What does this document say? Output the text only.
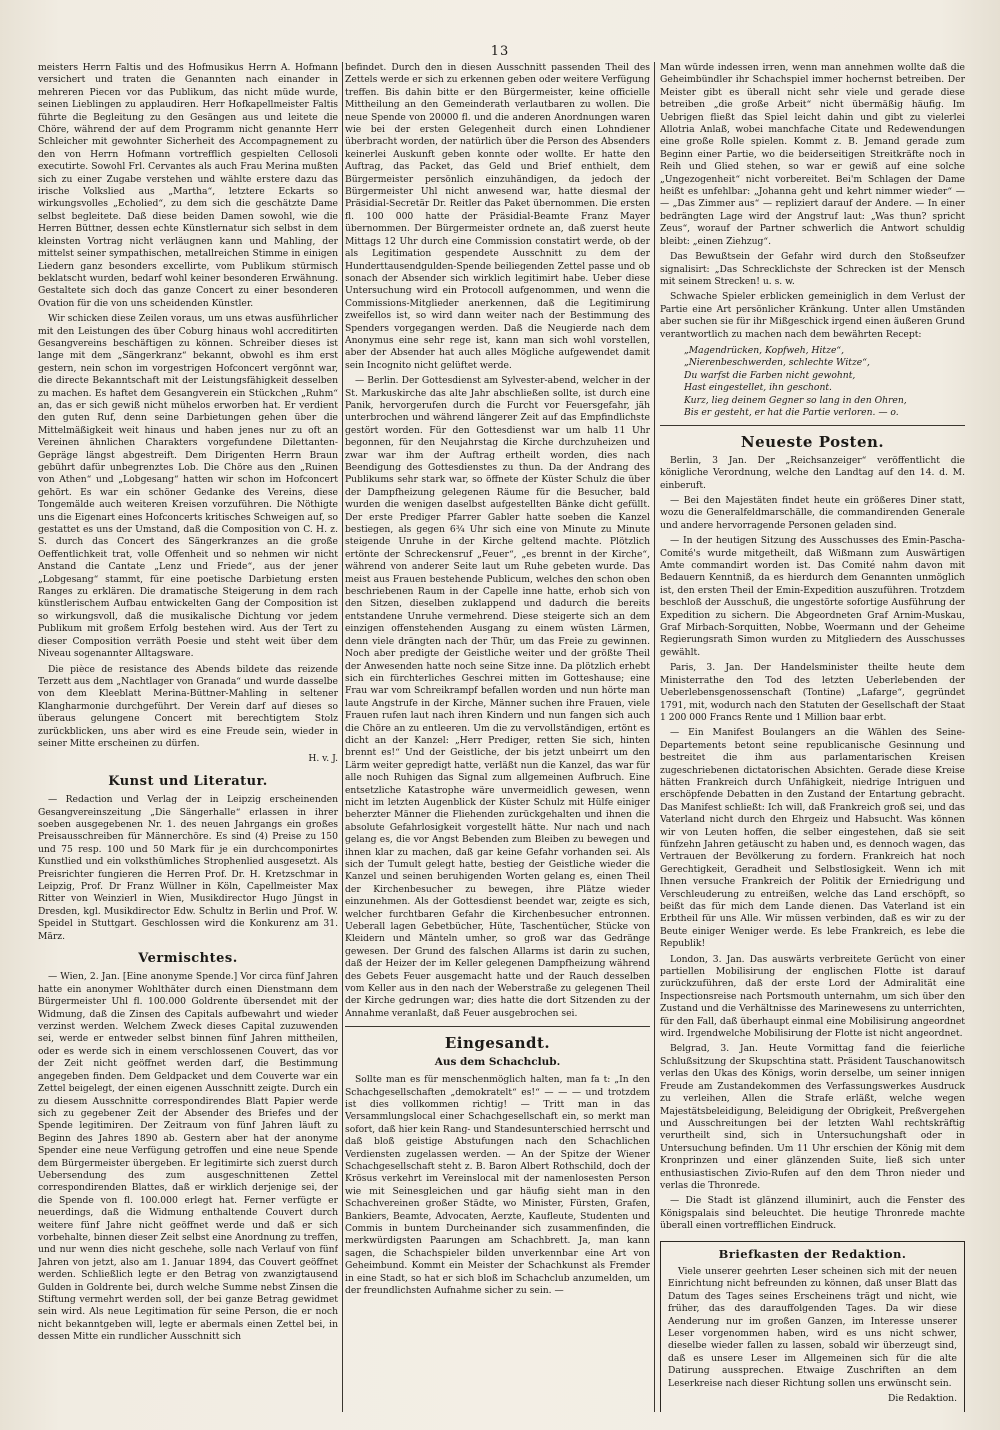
13

meisters Herrn Faltis und des Hofmusikus Herrn A. Hofmann versichert und traten die Genannten nach einander in mehreren Piecen vor das Publikum, das nicht müde wurde, seinen Lieblingen zu applaudiren. Herr Hofkapellmeister Faltis führte die Begleitung zu den Gesängen aus und leitete die Chöre, während der auf dem Programm nicht genannte Herr Schleicher mit gewohnter Sicherheit des Accompagnement zu den von Herrn Hofmann vortrefflich gespielten Cellosoli executirte. Sowohl Frl. Cervantes als auch Frau Merina mußten sich zu einer Zugabe verstehen und wählte erstere dazu das irische Volkslied aus „Martha“, letztere Eckarts so wirkungsvolles „Echolied“, zu dem sich die geschätzte Dame selbst begleitete. Daß diese beiden Damen sowohl, wie die Herren Büttner, dessen echte Künstlernatur sich selbst in dem kleinsten Vortrag nicht verläugnen kann und Mahling, der mittelst seiner sympathischen, metallreichen Stimme in einigen Liedern ganz besonders excellirte, vom Publikum stürmisch beklatscht wurden, bedarf wohl keiner besonderen Erwähnung. Gestaltete sich doch das ganze Concert zu einer besonderen Ovation für die von uns scheidenden Künstler.

Wir schicken diese Zeilen voraus, um uns etwas ausführlicher mit den Leistungen des über Coburg hinaus wohl accreditirten Gesangvereins beschäftigen zu können. Schreiber dieses ist lange mit dem „Sängerkranz“ bekannt, obwohl es ihm erst gestern, nein schon im vorgestrigen Hofconcert vergönnt war, die directe Bekanntschaft mit der Leistungsfähigkeit desselben zu machen. Es haftet dem Gesangverein ein Stückchen „Ruhm“ an, das er sich gewiß nicht mühelos erworben hat. Er verdient den guten Ruf, denn seine Darbietungen gehen über die Mittelmäßigkeit weit hinaus und haben jenes nur zu oft an Vereinen ähnlichen Charakters vorgefundene Dilettanten-Gepräge längst abgestreift. Dem Dirigenten Herrn Braun gebührt dafür unbegrenztes Lob. Die Chöre aus den „Ruinen von Athen“ und „Lobgesang“ hatten wir schon im Hofconcert gehört. Es war ein schöner Gedanke des Vereins, diese Tongemälde auch weiteren Kreisen vorzuführen. Die Nöthigte uns die Eigenart eines Hofconcerts kritisches Schweigen auf, so gestattet es uns der Umstand, daß die Composition von C. H. z. S. durch das Concert des Sängerkranzes an die große Oeffentlichkeit trat, volle Offenheit und so nehmen wir nicht Anstand die Cantate „Lenz und Friede“, aus der jener „Lobgesang“ stammt, für eine poetische Darbietung ersten Ranges zu erklären. Die dramatische Steigerung in dem rach künstlerischem Aufbau entwickelten Gang der Composition ist so wirkungsvoll, daß die musikalische Dichtung vor jedem Publikum mit großem Erfolg bestehen wird. Aus der Tert zu dieser Composition verräth Poesie und steht weit über dem Niveau sogenannter Alltagsware.

Die pièce de resistance des Abends bildete das reizende Terzett aus dem „Nachtlager von Granada“ und wurde dasselbe von dem Kleeblatt Merina-Büttner-Mahling in seltener Klangharmonie durchgeführt. Der Verein darf auf dieses so überaus gelungene Concert mit berechtigtem Stolz zurückblicken, uns aber wird es eine Freude sein, wieder in seiner Mitte erscheinen zu dürfen.

H. v. J.

Kunst und Literatur.

— Redaction und Verlag der in Leipzig erscheinenden Gesangvereinszeitung „Die Sängerhalle“ erlassen in ihrer soeben ausgegebenen Nr. 1. des neuen Jahrgangs ein großes Preisausschreiben für Männerchöre. Es sind (4) Preise zu 150 und 75 resp. 100 und 50 Mark für je ein durchcomponirtes Kunstlied und ein volksthümliches Strophenlied ausgesetzt. Als Preisrichter fungieren die Herren Prof. Dr. H. Kretzschmar in Leipzig, Prof. Dr Franz Wüllner in Köln, Capellmeister Max Ritter von Weinzierl in Wien, Musikdirector Hugo Jüngst in Dresden, kgl. Musikdirector Edw. Schultz in Berlin und Prof. W. Speidel in Stuttgart. Geschlossen wird die Konkurenz am 31. März.

Vermischtes.

— Wien, 2. Jan. [Eine anonyme Spende.] Vor circa fünf Jahren hatte ein anonymer Wohlthäter durch einen Dienstmann dem Bürgermeister Uhl fl. 100.000 Goldrente übersendet mit der Widmung, daß die Zinsen des Capitals aufbewahrt und wieder verzinst werden. Welchem Zweck dieses Capital zuzuwenden sei, werde er entweder selbst binnen fünf Jahren mittheilen, oder es werde sich in einem verschlossenen Couvert, das vor der Zeit nicht geöffnet werden darf, die Bestimmung angegeben finden. Dem Geldpacket und dem Couverte war ein Zettel beigelegt, der einen eigenen Ausschnitt zeigte. Durch ein zu diesem Ausschnitte correspondirendes Blatt Papier werde sich zu gegebener Zeit der Absender des Briefes und der Spende legitimiren. Der Zeitraum von fünf Jahren läuft zu Beginn des Jahres 1890 ab. Gestern aber hat der anonyme Spender eine neue Verfügung getroffen und eine neue Spende dem Bürgermeister übergeben. Er legitimirte sich zuerst durch Uebersendung des zum ausgeschnittenen Zettel correspondirenden Blattes, daß er wirklich derjenige sei, der die Spende von fl. 100.000 erlegt hat. Ferner verfügte er neuerdings, daß die Widmung enthaltende Couvert durch weitere fünf Jahre nicht geöffnet werde und daß er sich vorbehalte, binnen dieser Zeit selbst eine Anordnung zu treffen, und nur wenn dies nicht geschehe, solle nach Verlauf von fünf Jahren von jetzt, also am 1. Januar 1894, das Couvert geöffnet werden. Schließlich legte er den Betrag von zwanzigtausend Gulden in Goldrente bei, durch welche Summe nebst Zinsen die Stiftung vermehrt werden soll, der bei ganze Betrag gewidmet sein wird. Als neue Legitimation für seine Person, die er noch nicht bekanntgeben will, legte er abermals einen Zettel bei, in dessen Mitte ein rundlicher Ausschnitt sich

befindet. Durch den in diesen Ausschnitt passenden Theil des Zettels werde er sich zu erkennen geben oder weitere Verfügung treffen. Bis dahin bitte er den Bürgermeister, keine officielle Mittheilung an den Gemeinderath verlautbaren zu wollen. Die neue Spende von 20000 fl. und die anderen Anordnungen waren wie bei der ersten Gelegenheit durch einen Lohndiener überbracht worden, der natürlich über die Person des Absenders keinerlei Auskunft geben konnte oder wollte. Er hatte den Auftrag, das Packet, das Geld und Brief enthielt, dem Bürgermeister persönlich einzuhändigen, da jedoch der Bürgermeister Uhl nicht anwesend war, hatte diesmal der Präsidial-Secretär Dr. Reitler das Paket übernommen. Die ersten fl. 100 000 hatte der Präsidial-Beamte Franz Mayer übernommen. Der Bürgermeister ordnete an, daß zuerst heute Mittags 12 Uhr durch eine Commission constatirt werde, ob der als Legitimation gespendete Ausschnitt zu dem der Hunderttausendgulden-Spende beiliegenden Zettel passe und ob sonach der Absender sich wirklich legitimirt habe. Ueber diese Untersuchung wird ein Protocoll aufgenommen, und wenn die Commissions-Mitglieder anerkennen, daß die Legitimirung zweifellos ist, so wird dann weiter nach der Bestimmung des Spenders vorgegangen werden. Daß die Neugierde nach dem Anonymus eine sehr rege ist, kann man sich wohl vorstellen, aber der Absender hat auch alles Mögliche aufgewendet damit sein Incognito nicht gelüftet werde.

— Berlin. Der Gottesdienst am Sylvester-abend, welcher in der St. Markuskirche das alte Jahr abschließen sollte, ist durch eine Panik, hervorgerufen durch die Furcht vor Feuersgefahr, jäh unterbrochen und während längerer Zeit auf das Empfindlichste gestört worden. Für den Gottesdienst war um halb 11 Uhr begonnen, für den Neujahrstag die Kirche durchzuheizen und zwar war ihm der Auftrag ertheilt worden, dies nach Beendigung des Gottesdienstes zu thun. Da der Andrang des Publikums sehr stark war, so öffnete der Küster Schulz die über der Dampfheizung gelegenen Räume für die Besucher, bald wurden die wenigen daselbst aufgestellten Bänke dicht gefüllt. Der erste Prediger Pfarrer Gabler hatte soeben die Kanzel bestiegen, als gegen 6¾ Uhr sich eine von Minute zu Minute steigende Unruhe in der Kirche geltend machte. Plötzlich ertönte der Schreckensruf „Feuer“, „es brennt in der Kirche“, während von anderer Seite laut um Ruhe gebeten wurde. Das meist aus Frauen bestehende Publicum, welches den schon oben beschriebenen Raum in der Capelle inne hatte, erhob sich von den Sitzen, dieselben zuklappend und dadurch die bereits entstandene Unruhe vermehrend. Diese steigerte sich an dem einzigen offenstehenden Ausgang zu einem wüsten Lärmen, denn viele drängten nach der Thür, um das Freie zu gewinnen. Noch aber predigte der Geistliche weiter und der größte Theil der Anwesenden hatte noch seine Sitze inne. Da plötzlich erhebt sich ein fürchterliches Geschrei mitten im Gotteshause; eine Frau war vom Schreikrampf befallen worden und nun hörte man laute Angstrufe in der Kirche, Männer suchen ihre Frauen, viele Frauen rufen laut nach ihren Kindern und nun fangen sich auch die Chöre an zu entleeren. Um die zu vervollständigen, ertönt es dicht an der Kanzel: „Herr Prediger, retten Sie sich, hinten brennt es!“ Und der Geistliche, der bis jetzt unbeirrt um den Lärm weiter gepredigt hatte, verläßt nun die Kanzel, das war für alle noch Ruhigen das Signal zum allgemeinen Aufbruch. Eine entsetzliche Katastrophe wäre unvermeidlich gewesen, wenn nicht im letzten Augenblick der Küster Schulz mit Hülfe einiger beherzter Männer die Fliehenden zurückgehalten und ihnen die absolute Gefahrlosigkeit vorgestellt hätte. Nur nach und nach gelang es, die vor Angst Bebenden zum Bleiben zu bewegen und ihnen klar zu machen, daß gar keine Gefahr vorhanden sei. Als sich der Tumult gelegt hatte, bestieg der Geistliche wieder die Kanzel und seinen beruhigenden Worten gelang es, einen Theil der Kirchenbesucher zu bewegen, ihre Plätze wieder einzunehmen. Als der Gottesdienst beendet war, zeigte es sich, welcher furchtbaren Gefahr die Kirchenbesucher entronnen. Ueberall lagen Gebetbücher, Hüte, Taschentücher, Stücke von Kleidern und Mänteln umher, so groß war das Gedränge gewesen. Der Grund des falschen Allarms ist darin zu suchen, daß der Heizer der im Keller gelegenen Dampfheizung während des Gebets Feuer ausgemacht hatte und der Rauch desselben vom Keller aus in den nach der Weberstraße zu gelegenen Theil der Kirche gedrungen war; dies hatte die dort Sitzenden zu der Annahme veranlaßt, daß Feuer ausgebrochen sei.

Eingesandt.
Aus dem Schachclub.

Sollte man es für menschenmöglich halten, man fa t: „In den Schachgesellschaften „demokratelt“ es!“ — — — und trotzdem ist dies vollkommen richtig! — Tritt man in das Versammlungslocal einer Schachgesellschaft ein, so merkt man sofort, daß hier kein Rang- und Standesunterschied herrscht und daß bloß geistige Abstufungen nach den Schachlichen Verdiensten zugelassen werden. — An der Spitze der Wiener Schachgesellschaft steht z. B. Baron Albert Rothschild, doch der Krösus verkehrt im Vereinslocal mit der namenlosesten Person wie mit Seinesgleichen und gar häufig sieht man in den Schachvereinen großer Städte, wo Minister, Fürsten, Grafen, Bankiers, Beamte, Advocaten, Aerzte, Kaufleute, Studenten und Commis in buntem Durcheinander sich zusammenfinden, die merkwürdigsten Paarungen am Schachbrett. Ja, man kann sagen, die Schachspieler bilden unverkennbar eine Art von Geheimbund. Kommt ein Meister der Schachkunst als Fremder in eine Stadt, so hat er sich bloß im Schachclub anzumelden, um der freundlichsten Aufnahme sicher zu sein. —

Man würde indessen irren, wenn man annehmen wollte daß die Geheimbündler ihr Schachspiel immer hochernst betreiben. Der Meister gibt es überall nicht sehr viele und gerade diese betreiben „die große Arbeit“ nicht übermäßig häufig. Im Uebrigen fließt das Spiel leicht dahin und gibt zu vielerlei Allotria Anlaß, wobei manchfache Citate und Redewendungen eine große Rolle spielen. Kommt z. B. Jemand gerade zum Beginn einer Partie, wo die beiderseitigen Streitkräfte noch in Reih und Glied stehen, so war er gewiß auf eine solche „Ungezogenheit“ nicht vorbereitet. Bei'm Schlagen der Dame heißt es unfehlbar: „Johanna geht und kehrt nimmer wieder“ — — „Das Zimmer aus“ — repliziert darauf der Andere. — In einer bedrängten Lage wird der Angstruf laut: „Was thun? spricht Zeus“, worauf der Partner schwerlich die Antwort schuldig bleibt: „einen Ziehzug“.

Das Bewußtsein der Gefahr wird durch den Stoßseufzer signalisirt: „Das Schrecklichste der Schrecken ist der Mensch mit seinem Strecken! u. s. w.

Schwache Spieler erblicken gemeiniglich in dem Verlust der Partie eine Art persönlicher Kränkung. Unter allen Umständen aber suchen sie für ihr Mißgeschick irgend einen äußeren Grund verantwortlich zu machen nach dem bewährten Recept:

„Magendrücken, Kopfweh, Hitze“,
„Nierenbeschwerden, schlechte Witze“,
Du warfst die Farben nicht gewohnt,
Hast eingestellet, ihn geschont.
Kurz, lieg deinem Gegner so lang in den Ohren,
Bis er gesteht, er hat die Partie verloren. — o.
Neueste Posten.

Berlin, 3 Jan. Der „Reichsanzeiger“ veröffentlicht die königliche Verordnung, welche den Landtag auf den 14. d. M. einberuft.

— Bei den Majestäten findet heute ein größeres Diner statt, wozu die Generalfeldmarschälle, die commandirenden Generale und andere hervorragende Personen geladen sind.

— In der heutigen Sitzung des Ausschusses des Emin-Pascha-Comité's wurde mitgetheilt, daß Wißmann zum Auswärtigen Amte commandirt worden ist. Das Comité nahm davon mit Bedauern Kenntniß, da es hierdurch dem Genannten unmöglich ist, den ersten Theil der Emin-Expedition auszuführen. Trotzdem beschloß der Ausschuß, die ungestörte sofortige Ausführung der Expedition zu sichern. Die Abgeordneten Graf Arnim-Muskau, Graf Mirbach-Sorquitten, Nobbe, Woermann und der Geheime Regierungsrath Simon wurden zu Mitgliedern des Ausschusses gewählt.

Paris, 3. Jan. Der Handelsminister theilte heute dem Ministerrathe den Tod des letzten Ueberlebenden der Ueberlebensgenossenschaft (Tontine) „Lafarge“, gegründet 1791, mit, wodurch nach den Statuten der Gesellschaft der Staat 1 200 000 Francs Rente und 1 Million baar erbt.

— Ein Manifest Boulangers an die Wählen des Seine-Departements betont seine republicanische Gesinnung und bestreitet die ihm aus parlamentarischen Kreisen zugeschriebenen dictatorischen Absichten. Gerade diese Kreise hätten Frankreich durch Unfähigkeit, niedrige Intriguen und erschöpfende Debatten in den Zustand der Entartung gebracht. Das Manifest schließt: Ich will, daß Frankreich groß sei, und das Vaterland nicht durch den Ehrgeiz und Habsucht. Was können wir von Leuten hoffen, die selber eingestehen, daß sie seit fünfzehn Jahren getäuscht zu haben und, es dennoch wagen, das Vertrauen der Bevölkerung zu fordern. Frankreich hat noch Gerechtigkeit, Geradheit und Selbstlosigkeit. Wenn ich mit Ihnen versuche Frankreich der Politik der Erniedrigung und Verschleuderung zu entreißen, welche das Land erschöpft, so beißt das für mich dem Lande dienen. Das Vaterland ist ein Erbtheil für uns Alle. Wir müssen verbinden, daß es wir zu der Beute einiger Weniger werde. Es lebe Frankreich, es lebe die Republik!

London, 3. Jan. Das auswärts verbreitete Gerücht von einer partiellen Mobilisirung der englischen Flotte ist darauf zurückzuführen, daß der erste Lord der Admiralität eine Inspectionsreise nach Portsmouth unternahm, um sich über den Zustand und die Verhältnisse des Marinewesens zu unterrichten, für den Fall, daß überhaupt einmal eine Mobilisirung angeordnet wird. Irgendwelche Mobilisirung der Flotte ist nicht angeordnet.

Belgrad, 3. Jan. Heute Vormittag fand die feierliche Schlußsitzung der Skupschtina statt. Präsident Tauschanowitsch verlas den Ukas des Königs, worin derselbe, um seiner innigen Freude am Zustandekommen des Verfassungswerkes Ausdruck zu verleihen, Allen die Strafe erläßt, welche wegen Majestätsbeleidigung, Beleidigung der Obrigkeit, Preßvergehen und Ausschreitungen bei der letzten Wahl rechtskräftig verurtheilt sind, sich in Untersuchungshaft oder in Untersuchung befinden. Um 11 Uhr erschien der König mit dem Kronprinzen und einer glänzenden Suite, ließ sich unter enthusiastischen Zivio-Rufen auf den dem Thron nieder und verlas die Thronrede.

— Die Stadt ist glänzend illuminirt, auch die Fenster des Königspalais sind beleuchtet. Die heutige Thronrede machte überall einen vortrefflichen Eindruck.

Briefkasten der Redaktion.

Viele unserer geehrten Leser scheinen sich mit der neuen Einrichtung nicht befreunden zu können, daß unser Blatt das Datum des Tages seines Erscheinens trägt und nicht, wie früher, das des darauffolgenden Tages. Da wir diese Aenderung nur im großen Ganzen, im Interesse unserer Leser vorgenommen haben, wird es uns nicht schwer, dieselbe wieder fallen zu lassen, sobald wir überzeugt sind, daß es unsere Leser im Allgemeinen sich für die alte Datirung aussprechen. Etwaige Zuschriften an dem Leserkreise nach dieser Richtung sollen uns erwünscht sein.

Die Redaktion.
